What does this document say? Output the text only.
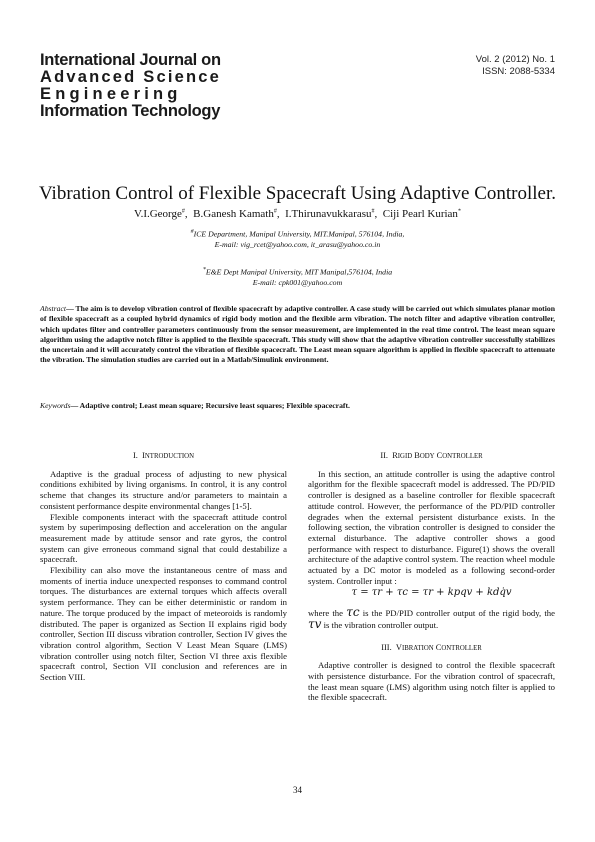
International Journal on
Advanced Science
Engineering
Information Technology
Vol. 2 (2012) No. 1
ISSN: 2088-5334
Vibration Control of Flexible Spacecraft Using Adaptive Controller.
V.I.George#,  B.Ganesh Kamath#,  I.Thirunavukkarasu#,  Ciji Pearl Kurian*
#ICE Department, Manipal University, MIT.Manipal, 576104, India,
E-mail: vig_rcet@yahoo.com, it_arasu@yahoo.co.in
*E&E Dept Manipal University, MIT Manipal,576104, India
E-mail: cpk001@yahoo.com
Abstract— The aim is to develop vibration control of flexible spacecraft by adaptive controller. A case study will be carried out which simulates planar motion of flexible spacecraft as a coupled hybrid dynamics of rigid body motion and the flexible arm vibration. The notch filter and adaptive vibration controller, which updates filter and controller parameters continuously from the sensor measurement, are implemented in the real time control. The least mean square algorithm using the adaptive notch filter is applied to the flexible spacecraft. This study will show that the adaptive vibration controller successfully stabilizes the uncertain and it will accurately control the vibration of flexible spacecraft. The Least mean square algorithm is applied in flexible spacecraft to attenuate the vibration. The simulation studies are carried out in a Matlab/Simulink environment.
Keywords— Adaptive control; Least mean square; Recursive least squares; Flexible spacecraft.
I. INTRODUCTION

Adaptive is the gradual process of adjusting to new physical conditions exhibited by living organisms. In control, it is any control scheme that changes its structure and/or parameters to maintain a consistent performance despite environmental changes [1-5].

Flexible components interact with the spacecraft attitude control system by superimposing deflection and acceleration on the angular measurement made by attitude sensor and rate gyros, the control system can give erroneous command signal that could destabilize a spacecraft.

Flexibility can also move the instantaneous centre of mass and moments of inertia induce unexpected responses to command control torques. The disturbances are external torques which affects overall system performance. They can be either deterministic or random in nature. The torque produced by the impact of meteoroids is randomly distributed. The paper is organized as Section II explains rigid body controller, Section III discuss vibration controller, Section IV gives the vibration control algorithm, Section V Least Mean Square (LMS) vibration controller using notch filter, Section VI three axis flexible spacecraft control, Section VII conclusion and references are in Section VIII.

II. RIGID BODY CONTROLLER

In this section, an attitude controller is using the adaptive control algorithm for the flexible spacecraft model is addressed. The PD/PID controller is designed as a baseline controller for flexible spacecraft attitude control. However, the performance of the PD/PID controller degrades when the external persistent disturbance exists. In the following section, the vibration controller is designed to consider the external disturbance. The adaptive controller shows a good performance with respect to disturbance. Figure(1) shows the overall architecture of the adaptive control system. The reaction wheel module actuated by a DC motor is modeled as a following second-order system. Controller input :

τ = τr + τc = τr + kpqv + kdq̇v

where the τc is the PD/PID controller output of the rigid body, the τv is the vibration controller output.

III. VIBRATION CONTROLLER

Adaptive controller is designed to control the flexible spacecraft with persistence disturbance. For the vibration control of spacecraft, the least mean square (LMS) algorithm using notch filter is applied to the flexible spacecraft.

34
